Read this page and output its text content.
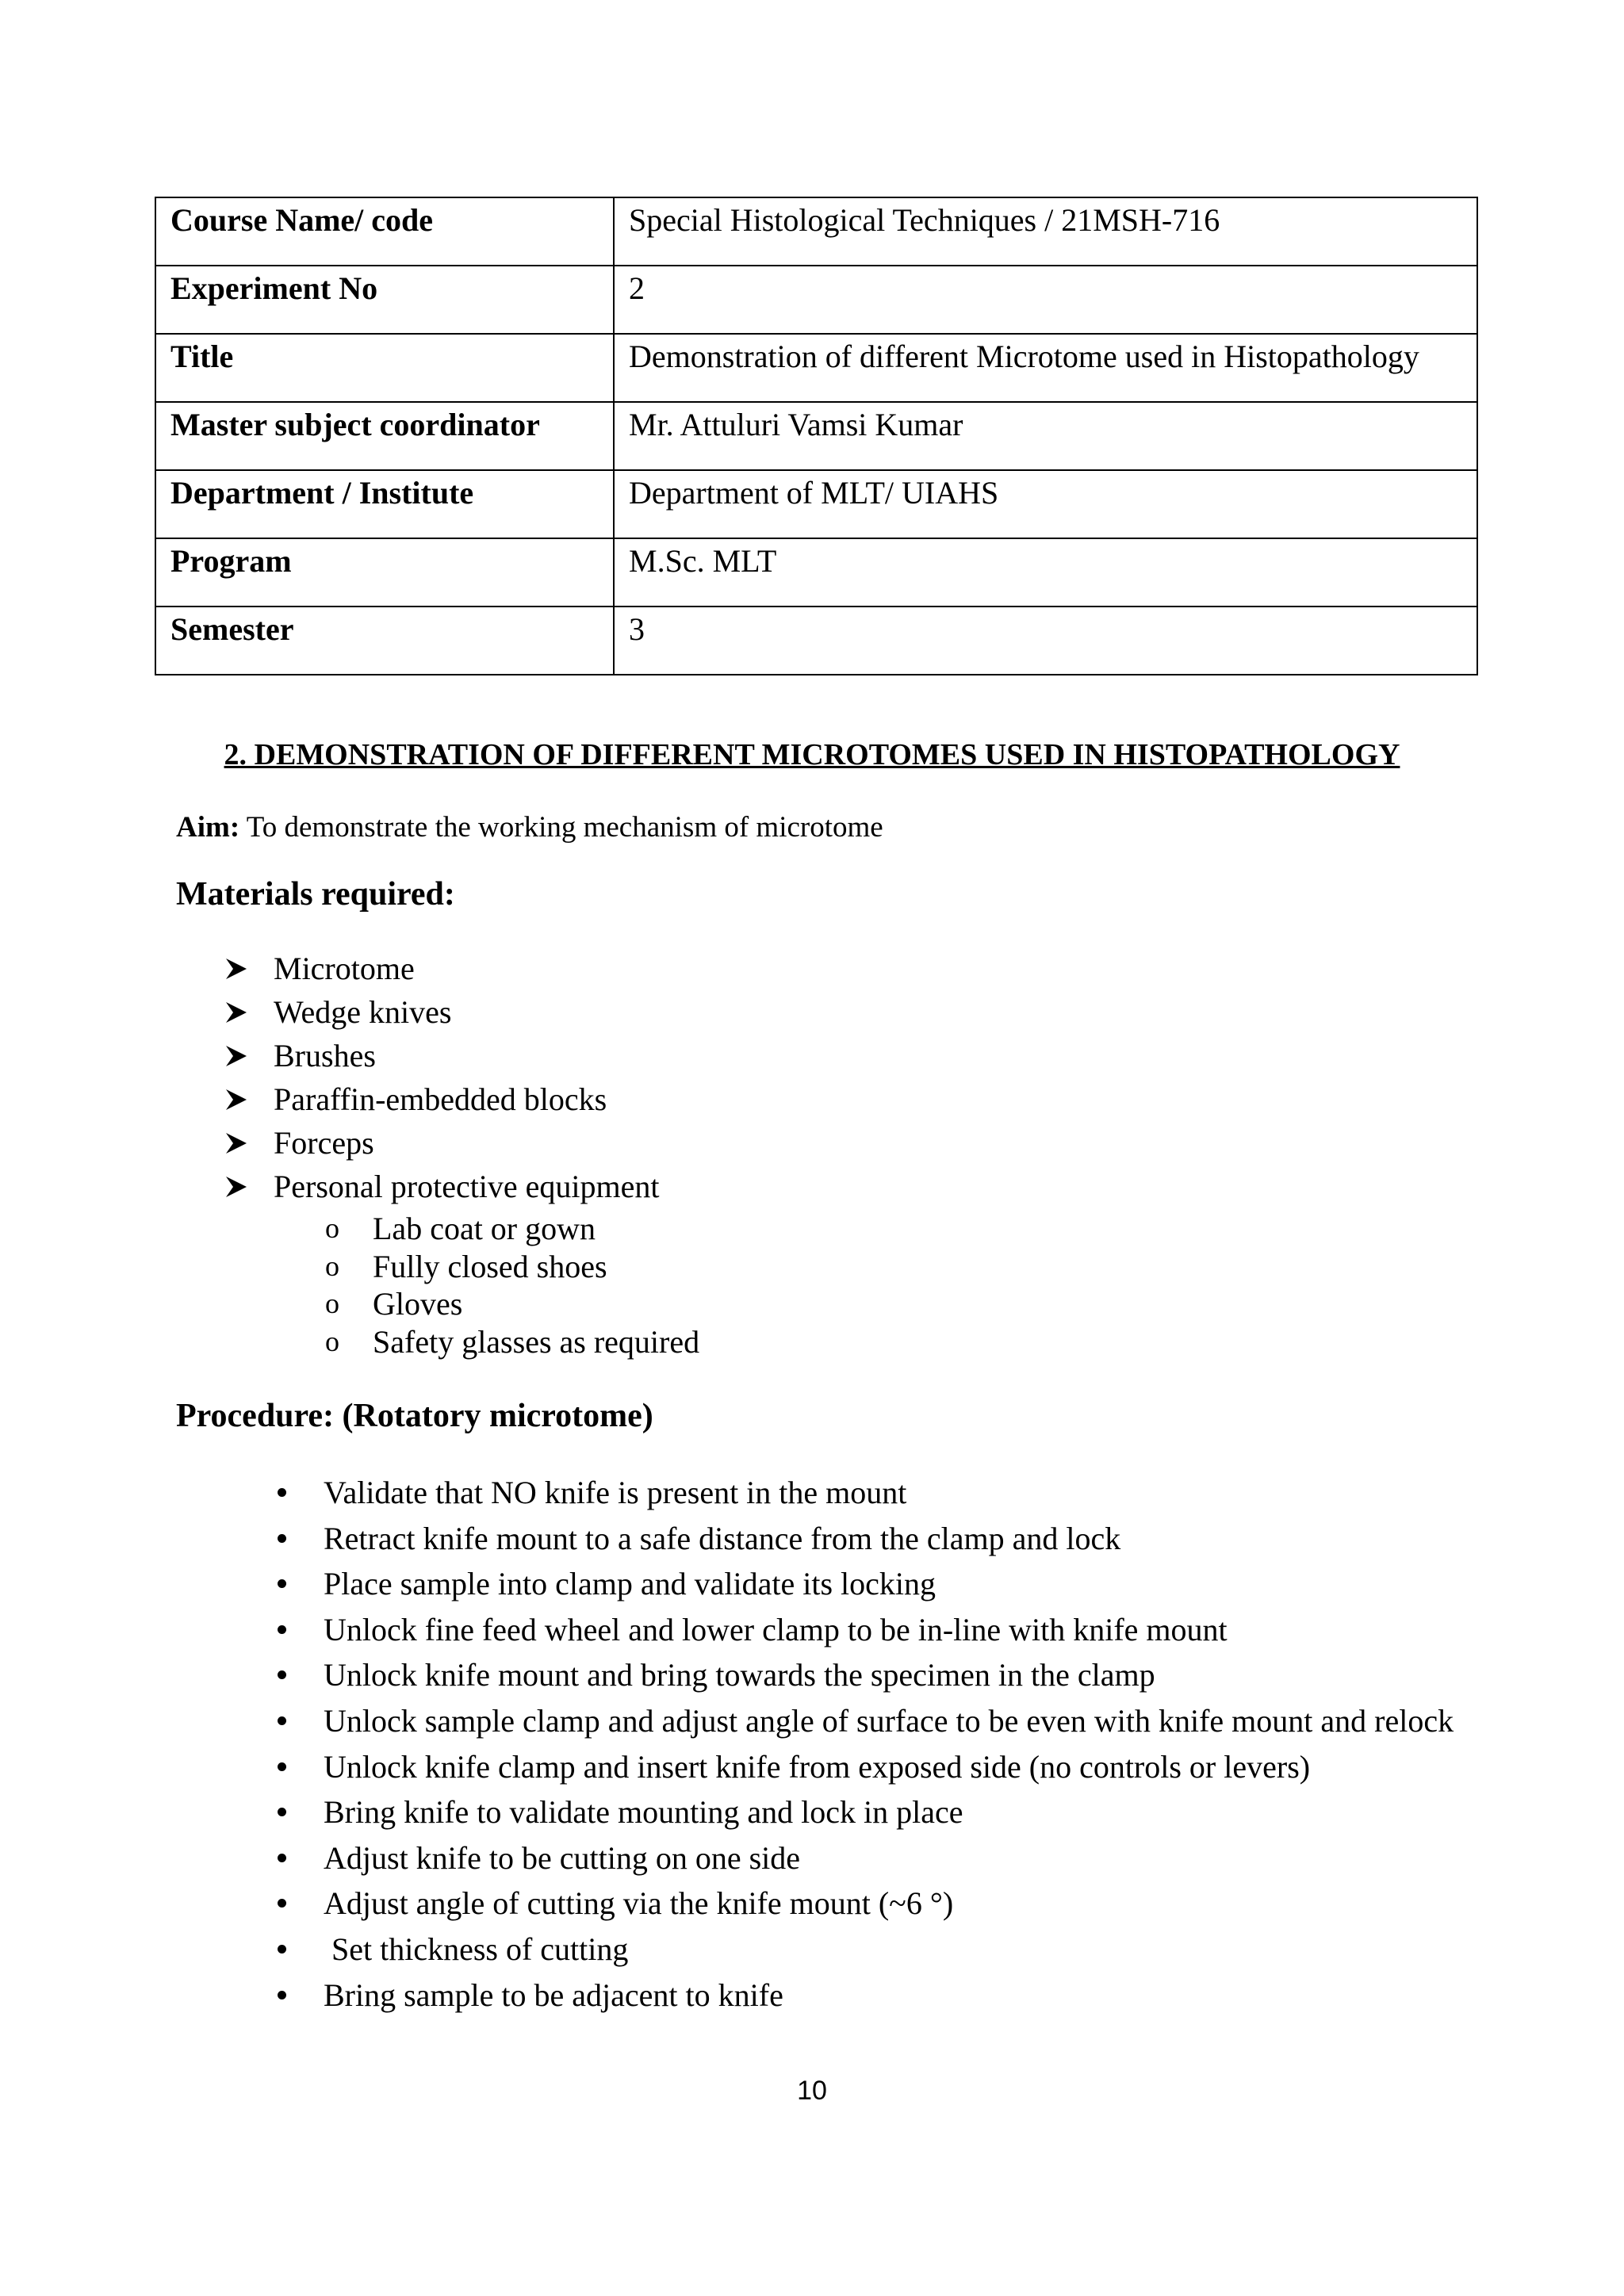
Course Name/ code	Special Histological Techniques / 21MSH-716
Experiment No	2
Title	Demonstration of different Microtome used in Histopathology
Master subject coordinator	Mr. Attuluri Vamsi Kumar
Department / Institute	Department of MLT/ UIAHS
Program	M.Sc. MLT
Semester	3
2. DEMONSTRATION OF DIFFERENT MICROTOMES USED IN HISTOPATHOLOGY
Aim: To demonstrate the working mechanism of microtome
Materials required:
Microtome
Wedge knives
Brushes
Paraffin-embedded blocks
Forceps
Personal protective equipment
o Lab coat or gown
o Fully closed shoes
o Gloves
o Safety glasses as required
Procedure: (Rotatory microtome)
Validate that NO knife is present in the mount
Retract knife mount to a safe distance from the clamp and lock
Place sample into clamp and validate its locking
Unlock fine feed wheel and lower clamp to be in-line with knife mount
Unlock knife mount and bring towards the specimen in the clamp
Unlock sample clamp and adjust angle of surface to be even with knife mount and relock
Unlock knife clamp and insert knife from exposed side (no controls or levers)
Bring knife to validate mounting and lock in place
Adjust knife to be cutting on one side
Adjust angle of cutting via the knife mount (~6 °)
Set thickness of cutting
Bring sample to be adjacent to knife
10
